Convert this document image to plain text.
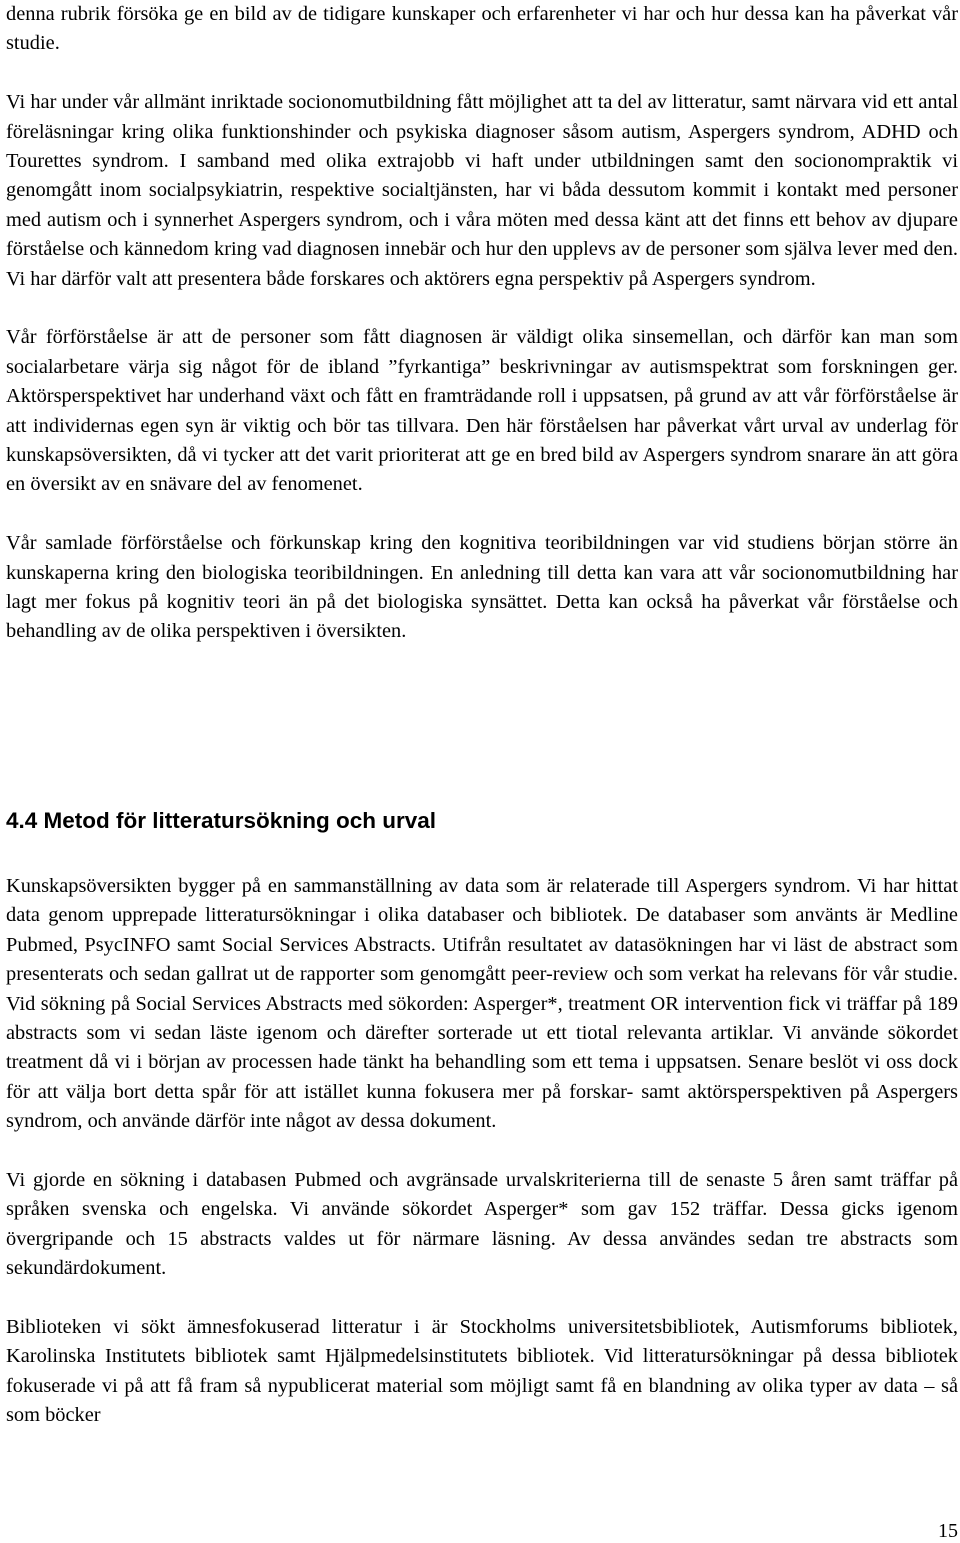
denna rubrik försöka ge en bild av de tidigare kunskaper och erfarenheter vi har och hur dessa kan ha påverkat vår studie.

Vi har under vår allmänt inriktade socionomutbildning fått möjlighet att ta del av litteratur, samt närvara vid ett antal föreläsningar kring olika funktionshinder och psykiska diagnoser såsom autism, Aspergers syndrom, ADHD och Tourettes syndrom. I samband med olika extrajobb vi haft under utbildningen samt den socionompraktik vi genomgått inom socialpsykiatrin, respektive socialtjänsten, har vi båda dessutom kommit i kontakt med personer med autism och i synnerhet Aspergers syndrom, och i våra möten med dessa känt att det finns ett behov av djupare förståelse och kännedom kring vad diagnosen innebär och hur den upplevs av de personer som själva lever med den. Vi har därför valt att presentera både forskares och aktörers egna perspektiv på Aspergers syndrom.

Vår förförståelse är att de personer som fått diagnosen är väldigt olika sinsemellan, och därför kan man som socialarbetare värja sig något för de ibland ”fyrkantiga” beskrivningar av autismspektrat som forskningen ger. Aktörsperspektivet har underhand växt och fått en framträdande roll i uppsatsen, på grund av att vår förförståelse är att individernas egen syn är viktig och bör tas tillvara. Den här förståelsen har påverkat vårt urval av underlag för kunskapsöversikten, då vi tycker att det varit prioriterat att ge en bred bild av Aspergers syndrom snarare än att göra en översikt av en snävare del av fenomenet.

Vår samlade förförståelse och förkunskap kring den kognitiva teoribildningen var vid studiens början större än kunskaperna kring den biologiska teoribildningen. En anledning till detta kan vara att vår socionomutbildning har lagt mer fokus på kognitiv teori än på det biologiska synsättet. Detta kan också ha påverkat vår förståelse och behandling av de olika perspektiven i översikten.

4.4 Metod för litteratursökning och urval

Kunskapsöversikten bygger på en sammanställning av data som är relaterade till Aspergers syndrom. Vi har hittat data genom upprepade litteratursökningar i olika databaser och bibliotek. De databaser som använts är Medline Pubmed, PsycINFO samt Social Services Abstracts. Utifrån resultatet av datasökningen har vi läst de abstract som presenterats och sedan gallrat ut de rapporter som genomgått peer-review och som verkat ha relevans för vår studie. Vid sökning på Social Services Abstracts med sökorden: Asperger*, treatment OR intervention fick vi träffar på 189 abstracts som vi sedan läste igenom och därefter sorterade ut ett tiotal relevanta artiklar. Vi använde sökordet treatment då vi i början av processen hade tänkt ha behandling som ett tema i uppsatsen. Senare beslöt vi oss dock för att välja bort detta spår för att istället kunna fokusera mer på forskar- samt aktörsperspektiven på Aspergers syndrom, och använde därför inte något av dessa dokument.

Vi gjorde en sökning i databasen Pubmed och avgränsade urvalskriterierna till de senaste 5 åren samt träffar på språken svenska och engelska. Vi använde sökordet Asperger* som gav 152 träffar. Dessa gicks igenom övergripande och 15 abstracts valdes ut för närmare läsning. Av dessa användes sedan tre abstracts som sekundärdokument.

Biblioteken vi sökt ämnesfokuserad litteratur i är Stockholms universitetsbibliotek, Autismforums bibliotek, Karolinska Institutets bibliotek samt Hjälpmedelsinstitutets bibliotek. Vid litteratursökningar på dessa bibliotek fokuserade vi på att få fram så nypublicerat material som möjligt samt få en blandning av olika typer av data – så som böcker

15
